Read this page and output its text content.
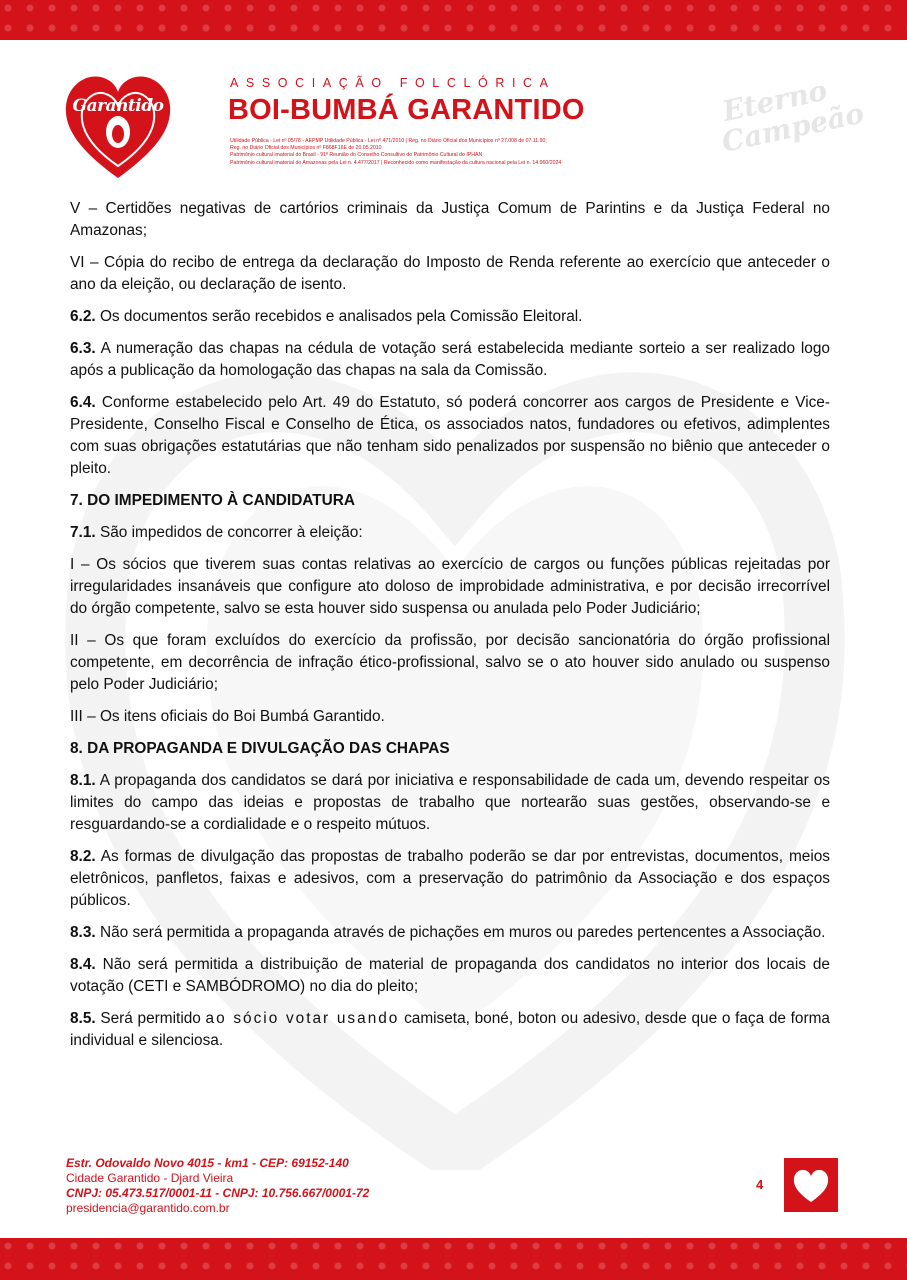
Garantido
ASSOCIAÇÃO FOLCLÓRICA
BOI-BUMBÁ GARANTIDO
Utilidade Pública - Lei nº 05/78 - AEPMP Utilidade Pública - Lei nº 471/2010 | Reg. no Diário Oficial dos Municípios nº 27.008 de 07.11.90;
Reg. no Diário Oficial dos Municípios nº F868F16E de 20.05.2010
Patrimônio cultural imaterial do Brasil - 91ª Reunião do Conselho Consultivo do Patrimônio Cultural do IPHAN
Patrimônio cultural imaterial do Amazonas pela Lei n. 4.477/2017 | Reconhecido como manifestação da cultura nacional pela Lei n. 14.960/2024
Eterno Campeão

V – Certidões negativas de cartórios criminais da Justiça Comum de Parintins e da Justiça Federal no Amazonas;

VI – Cópia do recibo de entrega da declaração do Imposto de Renda referente ao exercício que anteceder o ano da eleição, ou declaração de isento.

6.2. Os documentos serão recebidos e analisados pela Comissão Eleitoral.

6.3. A numeração das chapas na cédula de votação será estabelecida mediante sorteio a ser realizado logo após a publicação da homologação das chapas na sala da Comissão.

6.4. Conforme estabelecido pelo Art. 49 do Estatuto, só poderá concorrer aos cargos de Presidente e Vice-Presidente, Conselho Fiscal e Conselho de Ética, os associados natos, fundadores ou efetivos, adimplentes com suas obrigações estatutárias que não tenham sido penalizados por suspensão no biênio que anteceder o pleito.

7. DO IMPEDIMENTO À CANDIDATURA

7.1. São impedidos de concorrer à eleição:

I – Os sócios que tiverem suas contas relativas ao exercício de cargos ou funções públicas rejeitadas por irregularidades insanáveis que configure ato doloso de improbidade administrativa, e por decisão irrecorrível do órgão competente, salvo se esta houver sido suspensa ou anulada pelo Poder Judiciário;

II – Os que foram excluídos do exercício da profissão, por decisão sancionatória do órgão profissional competente, em decorrência de infração ético-profissional, salvo se o ato houver sido anulado ou suspenso pelo Poder Judiciário;

III – Os itens oficiais do Boi Bumbá Garantido.

8. DA PROPAGANDA E DIVULGAÇÃO DAS CHAPAS

8.1. A propaganda dos candidatos se dará por iniciativa e responsabilidade de cada um, devendo respeitar os limites do campo das ideias e propostas de trabalho que nortearão suas gestões, observando-se e resguardando-se a cordialidade e o respeito mútuos.

8.2. As formas de divulgação das propostas de trabalho poderão se dar por entrevistas, documentos, meios eletrônicos, panfletos, faixas e adesivos, com a preservação do patrimônio da Associação e dos espaços públicos.

8.3. Não será permitida a propaganda através de pichações em muros ou paredes pertencentes a Associação.

8.4. Não será permitida a distribuição de material de propaganda dos candidatos no interior dos locais de votação (CETI e SAMBÓDROMO) no dia do pleito;

8.5. Será permitido ao sócio votar usando camiseta, boné, boton ou adesivo, desde que o faça de forma individual e silenciosa.

Estr. Odovaldo Novo 4015 - km1 - CEP: 69152-140
Cidade Garantido - Djard Vieira
CNPJ: 05.473.517/0001-11 - CNPJ: 10.756.667/0001-72
presidencia@garantido.com.br
4
